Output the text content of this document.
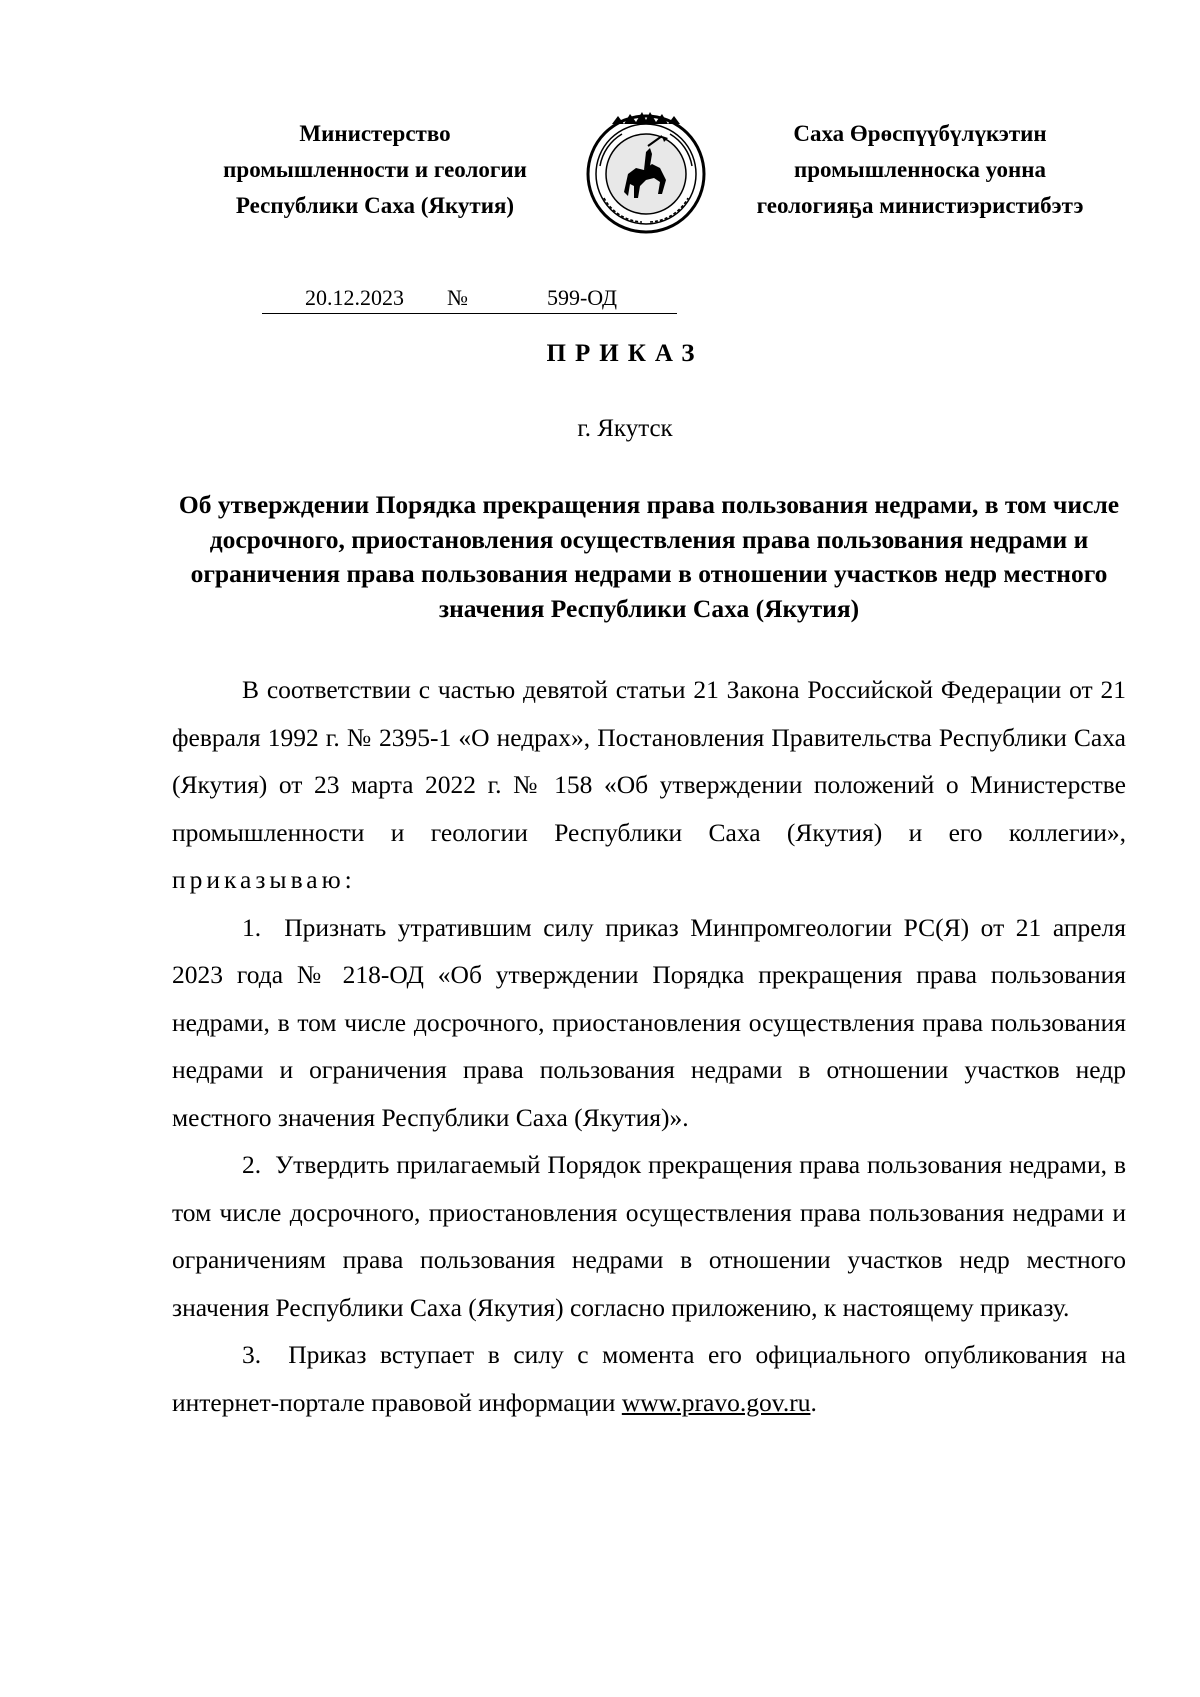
Министерство
промышленности и геологии
Республики Саха (Якутия)
Саха Өрөспүүбүлүкэтин
промышленноска уонна
геологияҕа министиэристибэтэ
20.12.2023 №	599-ОД
ПРИКАЗ
г. Якутск
Об утверждении Порядка прекращения права пользования недрами, в том числе досрочного, приостановления осуществления права пользования недрами и ограничения права пользования недрами в отношении участков недр местного значения Республики Саха (Якутия)

В соответствии с частью девятой статьи 21 Закона Российской Федерации от 21 февраля 1992 г. № 2395-1 «О недрах», Постановления Правительства Республики Саха (Якутия) от 23 марта 2022 г. № 158 «Об утверждении положений о Министерстве промышленности и геологии Республики Саха (Якутия) и его коллегии», приказываю:

1. Признать утратившим силу приказ Минпромгеологии РС(Я) от 21 апреля 2023 года № 218-ОД «Об утверждении Порядка прекращения права пользования недрами, в том числе досрочного, приостановления осуществления права пользования недрами и ограничения права пользования недрами в отношении участков недр местного значения Республики Саха (Якутия)».

2. Утвердить прилагаемый Порядок прекращения права пользования недрами, в том числе досрочного, приостановления осуществления права пользования недрами и ограничениям права пользования недрами в отношении участков недр местного значения Республики Саха (Якутия) согласно приложению, к настоящему приказу.

3. Приказ вступает в силу с момента его официального опубликования на интернет-портале правовой информации www.pravo.gov.ru.
